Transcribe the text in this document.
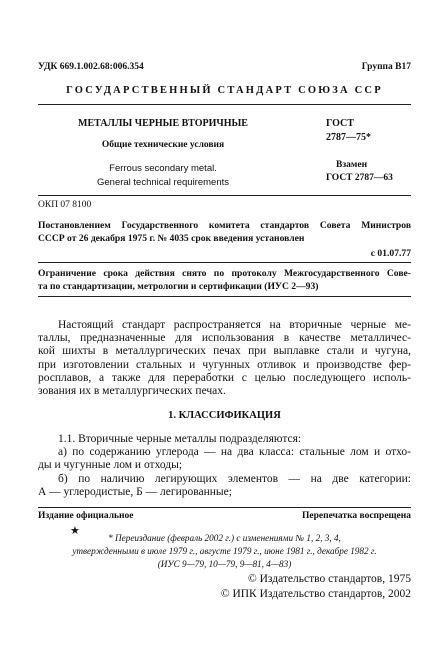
УДК 669.1.002.68:006.354	Группа В17
ГОСУДАРСТВЕННЫЙ СТАНДАРТ СОЮЗА ССР
МЕТАЛЛЫ ЧЕРНЫЕ ВТОРИЧНЫЕ
Общие технические условия
Ferrous secondary metal.
General technical requirements
ГОСТ
2787—75*
Взамен
ГОСТ 2787—63
ОКП 07 8100
Постановлением Государственного комитета стандартов Совета Министров
СССР от 26 декабря 1975 г. № 4035 срок введения установлен
с 01.07.77
Ограничение срока действия снято по протоколу Межгосударственного Сове-
та по стандартизации, метрологии и сертификации (ИУС 2—93)
Настоящий стандарт распространяется на вторичные черные ме-
таллы, предназначенные для использования в качестве металличес-
кой шихты в металлургических печах при выплавке стали и чугуна,
при изготовлении стальных и чугунных отливок и производстве фер-
росплавов, а также для переработки с целью последующего исполь-
зования их в металлургических печах.
1. КЛАССИФИКАЦИЯ
1.1. Вторичные черные металлы подразделяются:
а) по содержанию углерода — на два класса: стальные лом и отхо-
ды и чугунные лом и отходы;
б) по наличию легирующих элементов — на две категории:
А — углеродистые, Б — легированные;
Издание официальное	Перепечатка воспрещена
★
* Переиздание (февраль 2002 г.) с изменениями № 1, 2, 3, 4,
утвержденными в июле 1979 г., августе 1979 г., июне 1981 г., декабре 1982 г.
(ИУС 9—79, 10—79, 9—81, 4—83)
© Издательство стандартов, 1975
© ИПК Издательство стандартов, 2002
